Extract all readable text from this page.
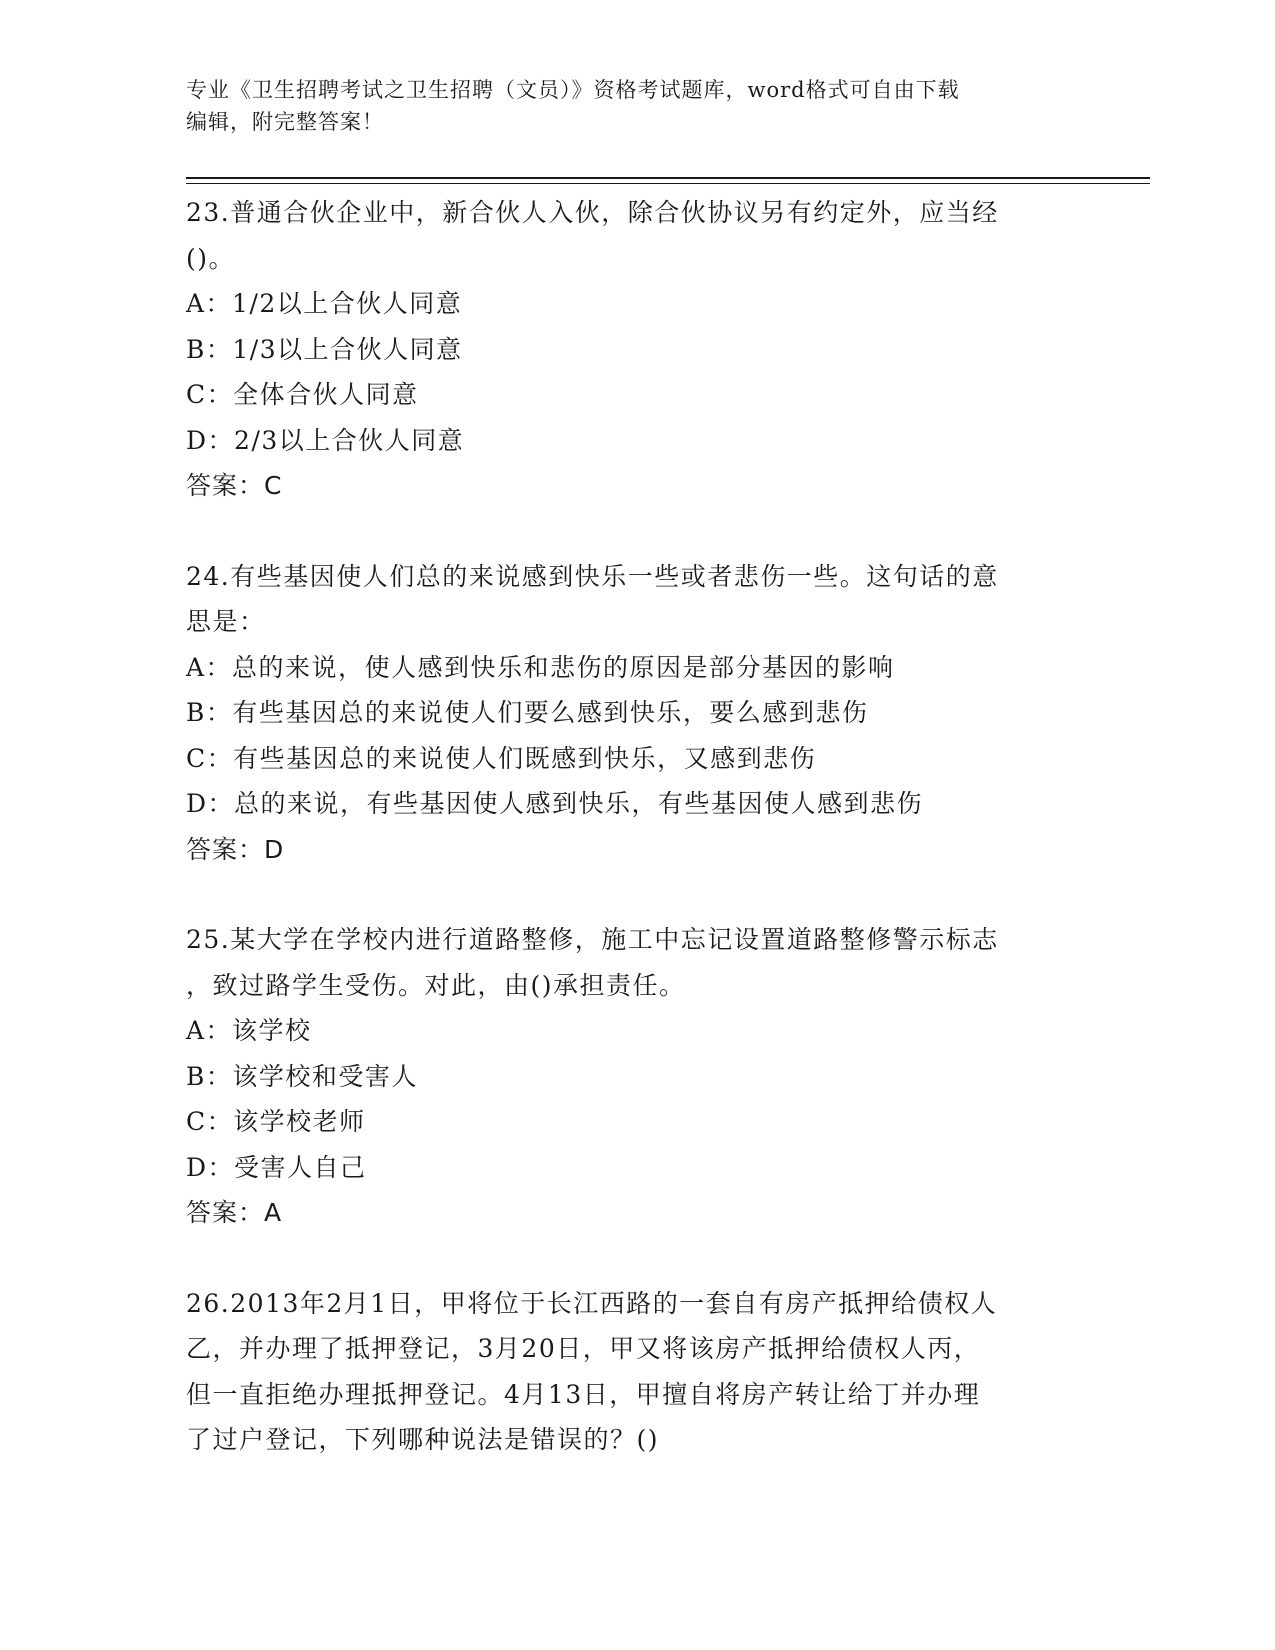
专业《卫生招聘考试之卫生招聘（文员）》资格考试题库，word格式可自由下载
编辑，附完整答案！
23.普通合伙企业中，新合伙人入伙，除合伙协议另有约定外，应当经
()。
A：1/2以上合伙人同意
B：1/3以上合伙人同意
C：全体合伙人同意
D：2/3以上合伙人同意
答案：C
24.有些基因使人们总的来说感到快乐一些或者悲伤一些。这句话的意
思是：
A：总的来说，使人感到快乐和悲伤的原因是部分基因的影响
B：有些基因总的来说使人们要么感到快乐，要么感到悲伤
C：有些基因总的来说使人们既感到快乐，又感到悲伤
D：总的来说，有些基因使人感到快乐，有些基因使人感到悲伤
答案：D
25.某大学在学校内进行道路整修，施工中忘记设置道路整修警示标志
，致过路学生受伤。对此，由()承担责任。
A：该学校
B：该学校和受害人
C：该学校老师
D：受害人自己
答案：A
26.2013年2月1日，甲将位于长江西路的一套自有房产抵押给债权人
乙，并办理了抵押登记，3月20日，甲又将该房产抵押给债权人丙，
但一直拒绝办理抵押登记。4月13日，甲擅自将房产转让给丁并办理
了过户登记，下列哪种说法是错误的？()
